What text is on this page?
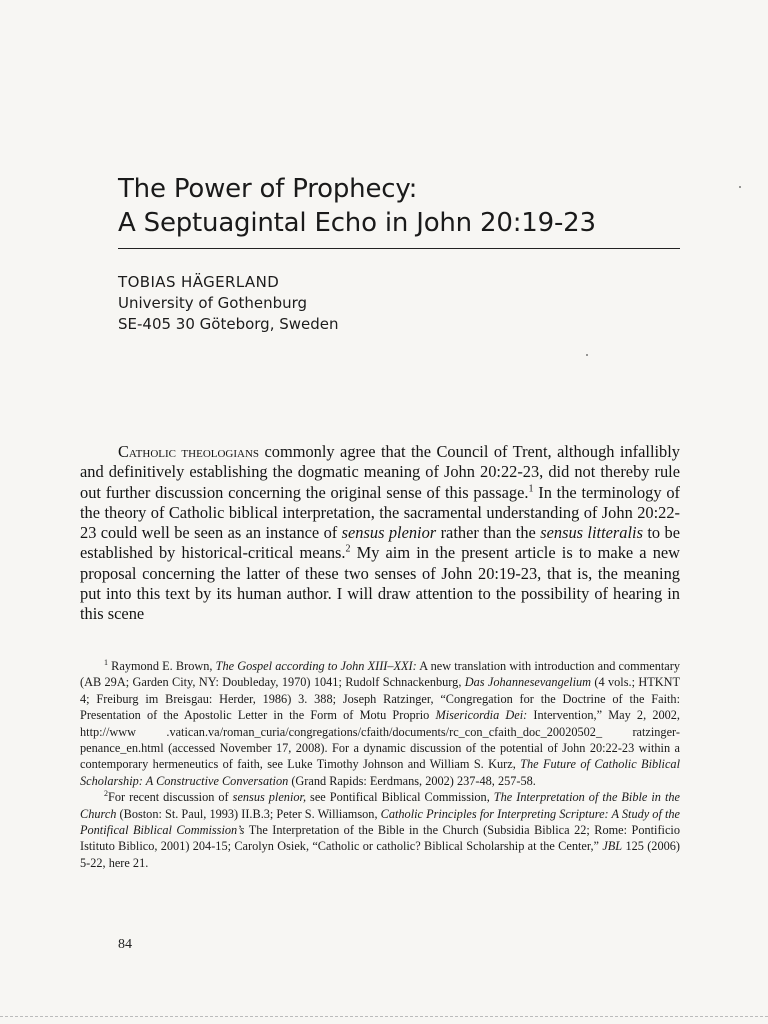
The Power of Prophecy:
A Septuagintal Echo in John 20:19-23
TOBIAS HÄGERLAND
University of Gothenburg
SE-405 30 Göteborg, Sweden

Catholic theologians commonly agree that the Council of Trent, although infallibly and definitively establishing the dogmatic meaning of John 20:22-23, did not thereby rule out further discussion concerning the original sense of this passage.$^1$ In the terminology of the theory of Catholic biblical interpretation, the sacramental understanding of John 20:22-23 could well be seen as an instance of sensus plenior rather than the sensus litteralis to be established by historical-critical means.$^2$ My aim in the present article is to make a new proposal concerning the latter of these two senses of John 20:19-23, that is, the meaning put into this text by its human author. I will draw attention to the possibility of hearing in this scene

$^1$ Raymond E. Brown, The Gospel according to John XIII–XXI: A new translation with introduction and commentary (AB 29A; Garden City, NY: Doubleday, 1970) 1041; Rudolf Schnackenburg, Das Johannesevangelium (4 vols.; HTKNT 4; Freiburg im Breisgau: Herder, 1986) 3. 388; Joseph Ratzinger, “Congregation for the Doctrine of the Faith: Presentation of the Apostolic Letter in the Form of Motu Proprio Misericordia Dei: Intervention,” May 2, 2002, http://www .vatican.va/roman_curia/congregations/cfaith/documents/rc_con_cfaith_doc_20020502_ ratzinger-penance_en.html (accessed November 17, 2008). For a dynamic discussion of the potential of John 20:22-23 within a contemporary hermeneutics of faith, see Luke Timothy Johnson and William S. Kurz, The Future of Catholic Biblical Scholarship: A Constructive Conversation (Grand Rapids: Eerdmans, 2002) 237-48, 257-58.

$^2$For recent discussion of sensus plenior, see Pontifical Biblical Commission, The Interpretation of the Bible in the Church (Boston: St. Paul, 1993) II.B.3; Peter S. Williamson, Catholic Principles for Interpreting Scripture: A Study of the Pontifical Biblical Commission’s The Interpretation of the Bible in the Church (Subsidia Biblica 22; Rome: Pontificio Istituto Biblico, 2001) 204-15; Carolyn Osiek, “Catholic or catholic? Biblical Scholarship at the Center,” JBL 125 (2006) 5-22, here 21.

84
